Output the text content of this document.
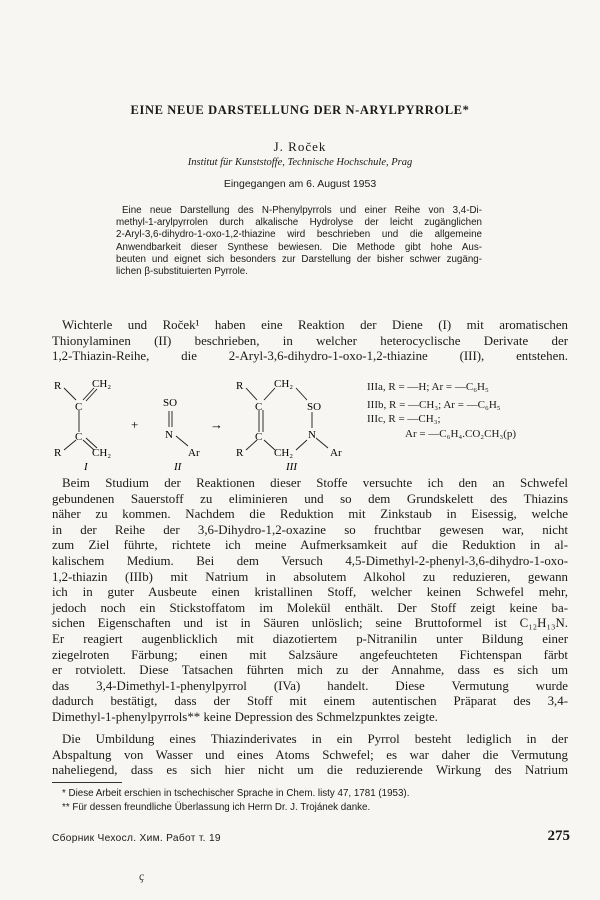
EINE NEUE DARSTELLUNG DER N-ARYLPYRROLE*
J. Roček
Institut für Kunststoffe, Technische Hochschule, Prag
Eingegangen am 6. August 1953
Eine neue Darstellung des N-Phenylpyrrols und einer Reihe von 3,4-Di-
methyl-1-arylpyrrolen durch alkalische Hydrolyse der leicht zugänglichen
2-Aryl-3,6-dihydro-1-oxo-1,2-thiazine wird beschrieben und die allgemeine
Anwendbarkeit dieser Synthese bewiesen. Die Methode gibt hohe Aus-
beuten und eignet sich besonders zur Darstellung der bisher schwer zugäng-
lichen β-substituierten Pyrrole.
Wichterle und Roček¹ haben eine Reaktion der Diene (I) mit aromatischen
Thionylaminen (II) beschrieben, in welcher heterocyclische Derivate der
1,2-Thiazin-Reihe, die 2-Aryl-3,6-dihydro-1-oxo-1,2-thiazine (III), entstehen.
R	CH₂
C
C
R	CH₂
I
+
SO
N
Ar
II
→
R	CH₂
C
C
R	CH₂
SO
N
Ar
III
IIIa, R = —H; Ar = —C₆H₅
IIIb, R = —CH₃; Ar = —C₆H₅
IIIc, R = —CH₃;
Ar = —C₆H₄.CO₂CH₃(p)
Beim Studium der Reaktionen dieser Stoffe versuchte ich den an Schwefel
gebundenen Sauerstoff zu eliminieren und so dem Grundskelett des Thiazins
näher zu kommen. Nachdem die Reduktion mit Zinkstaub in Eisessig, welche
in der Reihe der 3,6-Dihydro-1,2-oxazine so fruchtbar gewesen war, nicht
zum Ziel führte, richtete ich meine Aufmerksamkeit auf die Reduktion in al-
kalischem Medium. Bei dem Versuch 4,5-Dimethyl-2-phenyl-3,6-dihydro-1-oxo-
1,2-thiazin (IIIb) mit Natrium in absolutem Alkohol zu reduzieren, gewann
ich in guter Ausbeute einen kristallinen Stoff, welcher keinen Schwefel mehr,
jedoch noch ein Stickstoffatom im Molekül enthält. Der Stoff zeigt keine ba-
sichen Eigenschaften und ist in Säuren unlöslich; seine Bruttoformel ist C₁₂H₁₃N.
Er reagiert augenblicklich mit diazotiertem p-Nitranilin unter Bildung einer
ziegelroten Färbung; einen mit Salzsäure angefeuchteten Fichtenspan färbt
er rotviolett. Diese Tatsachen führten mich zu der Annahme, dass es sich um
das 3,4-Dimethyl-1-phenylpyrrol (IVa) handelt. Diese Vermutung wurde
dadurch bestätigt, dass der Stoff mit einem autentischen Präparat des 3,4-
Dimethyl-1-phenylpyrrols** keine Depression des Schmelzpunktes zeigte.
Die Umbildung eines Thiazinderivates in ein Pyrrol besteht lediglich in der
Abspaltung von Wasser und eines Atoms Schwefel; es war daher die Vermutung
naheliegend, dass es sich hier nicht um die reduzierende Wirkung des Natrium
* Diese Arbeit erschien in tschechischer Sprache in Chem. listy 47, 1781 (1953).
** Für dessen freundliche Überlassung ich Herrn Dr. J. Trojánek danke.
Сборник Чехосл. Хим. Работ т. 19	275
ҫ
